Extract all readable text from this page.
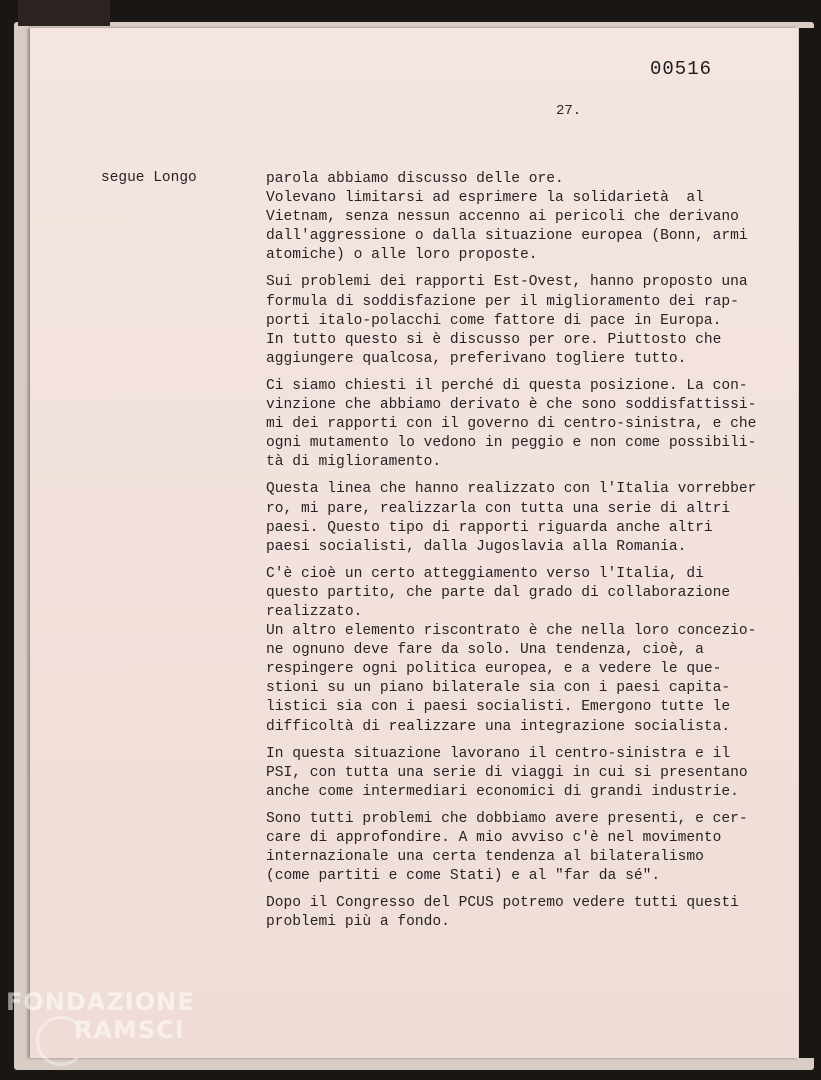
00516
27.
segue Longo	parola abbiamo discusso delle ore.
Volevano limitarsi ad esprimere la solidarietà  al
Vietnam, senza nessun accenno ai pericoli che derivano
dall'aggressione o dalla situazione europea (Bonn, armi
atomiche) o alle loro proposte.

Sui problemi dei rapporti Est-Ovest, hanno proposto una
formula di soddisfazione per il miglioramento dei rap-
porti italo-polacchi come fattore di pace in Europa.
In tutto questo si è discusso per ore. Piuttosto che
aggiungere qualcosa, preferivano togliere tutto.

Ci siamo chiesti il perché di questa posizione. La con-
vinzione che abbiamo derivato è che sono soddisfattissi-
mi dei rapporti con il governo di centro-sinistra, e che
ogni mutamento lo vedono in peggio e non come possibili-
tà di miglioramento.

Questa linea che hanno realizzato con l'Italia vorrebber
ro, mi pare, realizzarla con tutta una serie di altri
paesi. Questo tipo di rapporti riguarda anche altri
paesi socialisti, dalla Jugoslavia alla Romania.

C'è cioè un certo atteggiamento verso l'Italia, di
questo partito, che parte dal grado di collaborazione
realizzato.
Un altro elemento riscontrato è che nella loro concezio-
ne ognuno deve fare da solo. Una tendenza, cioè, a
respingere ogni politica europea, e a vedere le que-
stioni su un piano bilaterale sia con i paesi capita-
listici sia con i paesi socialisti. Emergono tutte le
difficoltà di realizzare una integrazione socialista.

In questa situazione lavorano il centro-sinistra e il
PSI, con tutta una serie di viaggi in cui si presentano
anche come intermediari economici di grandi industrie.

Sono tutti problemi che dobbiamo avere presenti, e cer-
care di approfondire. A mio avviso c'è nel movimento
internazionale una certa tendenza al bilateralismo
(come partiti e come Stati) e al "far da sé".

Dopo il Congresso del PCUS potremo vedere tutti questi
problemi più a fondo.

FONDAZIONE
RAMSCI
